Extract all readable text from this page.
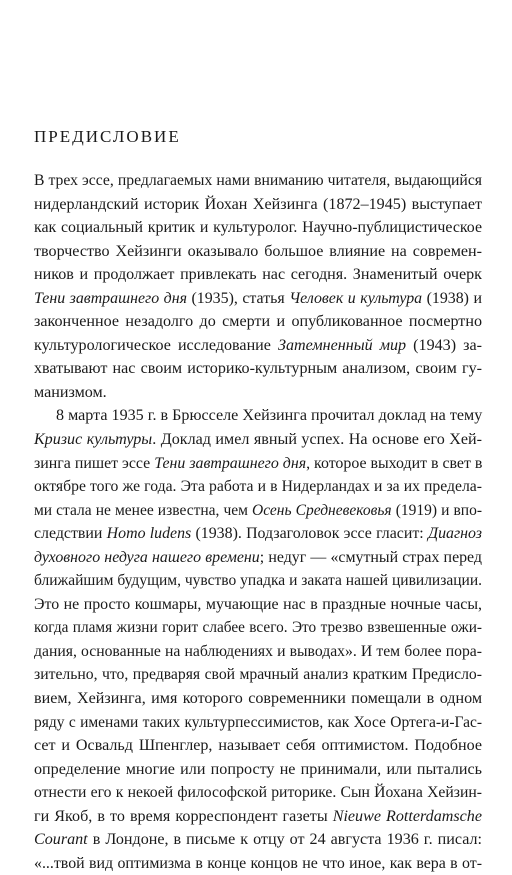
ПРЕДИСЛОВИЕ
В трех эссе, предлагаемых нами вниманию читателя, выдающийся
нидерландский историк Йохан Хейзинга (1872–1945) выступает
как социальный критик и культуролог. Научно-публицистическое
творчество Хейзинги оказывало большое влияние на современ-
ников и продолжает привлекать нас сегодня. Знаменитый очерк
Тени завтрашнего дня (1935), статья Человек и культура (1938) и
законченное незадолго до смерти и опубликованное посмертно
культурологическое исследование Затемненный мир (1943) за-
хватывают нас своим историко-культурным анализом, своим гу-
манизмом.
8 марта 1935 г. в Брюсселе Хейзинга прочитал доклад на тему
Кризис культуры. Доклад имел явный успех. На основе его Хей-
зинга пишет эссе Тени завтрашнего дня, которое выходит в свет в
октябре того же года. Эта работа и в Нидерландах и за их предела-
ми стала не менее известна, чем Осень Средневековья (1919) и впо-
следствии Homo ludens (1938). Подзаголовок эссе гласит: Диагноз
духовного недуга нашего времени; недуг — «смутный страх перед
ближайшим будущим, чувство упадка и заката нашей цивилизации.
Это не просто кошмары, мучающие нас в праздные ночные часы,
когда пламя жизни горит слабее всего. Это трезво взвешенные ожи-
дания, основанные на наблюдениях и выводах». И тем более пора-
зительно, что, предваряя свой мрачный анализ кратким Предисло-
вием, Хейзинга, имя которого современники помещали в одном
ряду с именами таких культурпессимистов, как Хосе Ортега-и-Гас-
сет и Освальд Шпенглер, называет себя оптимистом. Подобное
определение многие или попросту не принимали, или пытались
отнести его к некоей философской риторике. Сын Йохана Хейзин-
ги Якоб, в то время корреспондент газеты Nieuwe Rotterdamsche
Courant в Лондоне, в письме к отцу от 24 августа 1936 г. писал:
«...твой вид оптимизма в конце концов не что иное, как вера в от-
